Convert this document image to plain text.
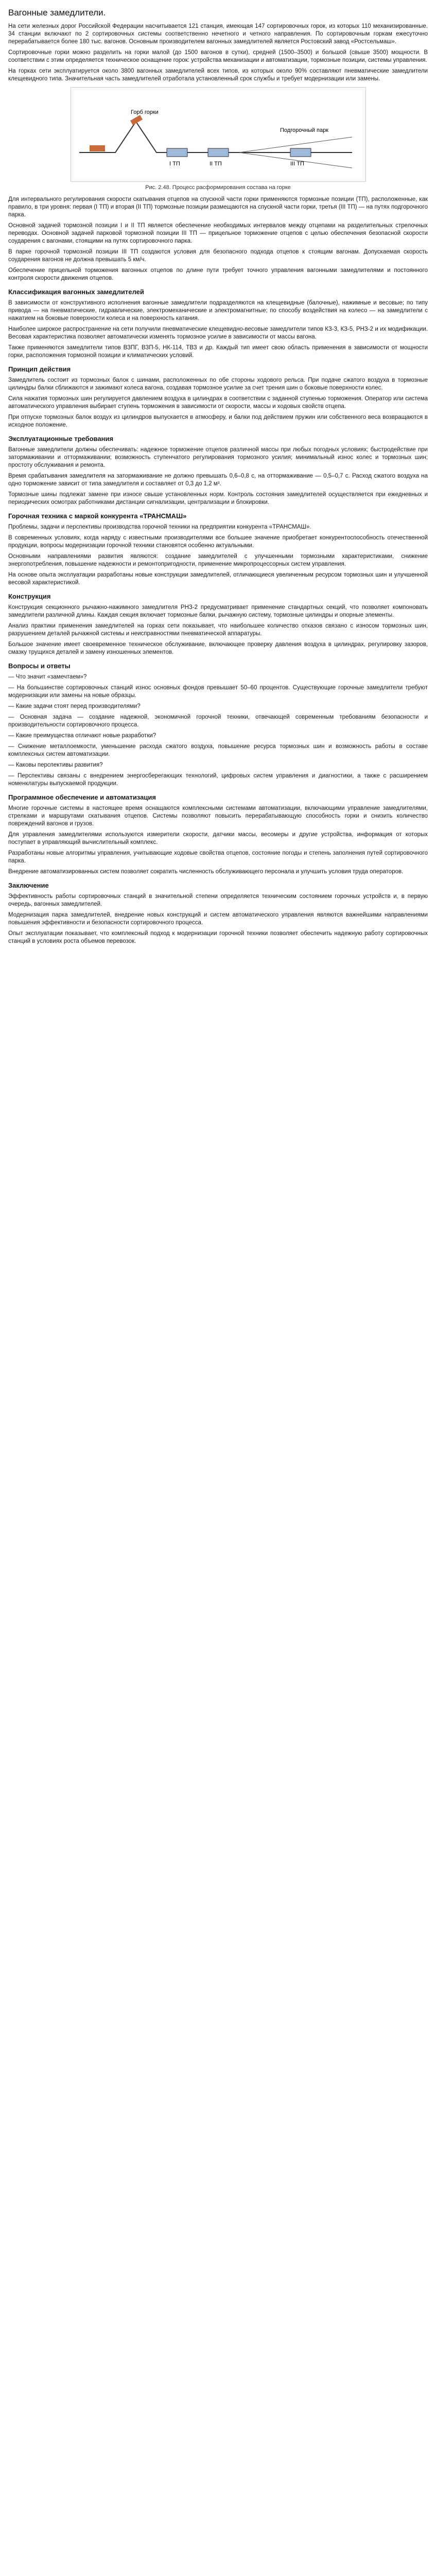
Вагонные замедлители.

На сети железных дорог Российской Федерации насчитывается 121 станция, имеющая 147 сортировочных горок, из которых 110 механизированные. 34 станции включают по 2 сортировочных системы соответственно нечетного и четного направления. По сортировочным горкам ежесуточно перерабатывается более 180 тыс. вагонов. Основным производителем вагонных замедлителей является Ростовский завод «Ростсельмаш».

Сортировочные горки можно разделить на горки малой (до 1500 вагонов в сутки), средней (1500–3500) и большой (свыше 3500) мощности. В соответствии с этим определяется техническое оснащение горок: устройства механизации и автоматизации, тормозные позиции, системы управления.

На горках сети эксплуатируется около 3800 вагонных замедлителей всех типов, из которых около 90% составляют пневматические замедлители клещевидного типа. Значительная часть замедлителей отработала установленный срок службы и требует модернизации или замены.

Горб горки
I ТП	II ТП	III ТП
Подгорочный парк
Рис. 2.48. Процесс расформирования состава на горке

Для интервального регулирования скорости скатывания отцепов на спускной части горки применяются тормозные позиции (ТП), расположенные, как правило, в три уровня: первая (I ТП) и вторая (II ТП) тормозные позиции размещаются на спускной части горки, третья (III ТП) — на путях подгорочного парка.

Основной задачей тормозной позиции I и II ТП является обеспечение необходимых интервалов между отцепами на разделительных стрелочных переводах. Основной задачей парковой тормозной позиции III ТП — прицельное торможение отцепов с целью обеспечения безопасной скорости соударения с вагонами, стоящими на путях сортировочного парка.

В парке горочной тормозной позиции III ТП создаются условия для безопасного подхода отцепов к стоящим вагонам. Допускаемая скорость соударения вагонов не должна превышать 5 км/ч.

Обеспечение прицельной торможения вагонных отцепов по длине пути требует точного управления вагонными замедлителями и постоянного контроля скорости движения отцепов.

Классификация вагонных замедлителей

В зависимости от конструктивного исполнения вагонные замедлители подразделяются на клещевидные (балочные), нажимные и весовые; по типу привода — на пневматические, гидравлические, электромеханические и электромагнитные; по способу воздействия на колесо — на замедлители с нажатием на боковые поверхности колеса и на поверхность катания.

Наиболее широкое распространение на сети получили пневматические клещевидно-весовые замедлители типов КЗ-3, КЗ-5, РНЗ-2 и их модификации. Весовая характеристика позволяет автоматически изменять тормозное усилие в зависимости от массы вагона.

Также применяются замедлители типов ВЗПГ, ВЗП-5, НК-114, ТВЗ и др. Каждый тип имеет свою область применения в зависимости от мощности горки, расположения тормозной позиции и климатических условий.

Принцип действия

Замедлитель состоит из тормозных балок с шинами, расположенных по обе стороны ходового рельса. При подаче сжатого воздуха в тормозные цилиндры балки сближаются и зажимают колеса вагона, создавая тормозное усилие за счет трения шин о боковые поверхности колес.

Сила нажатия тормозных шин регулируется давлением воздуха в цилиндрах в соответствии с заданной ступенью торможения. Оператор или система автоматического управления выбирает ступень торможения в зависимости от скорости, массы и ходовых свойств отцепа.

При отпуске тормозных балок воздух из цилиндров выпускается в атмосферу, и балки под действием пружин или собственного веса возвращаются в исходное положение.

Эксплуатационные требования

Вагонные замедлители должны обеспечивать: надежное торможение отцепов различной массы при любых погодных условиях; быстродействие при затормаживании и оттормаживании; возможность ступенчатого регулирования тормозного усилия; минимальный износ колес и тормозных шин; простоту обслуживания и ремонта.

Время срабатывания замедлителя на затормаживание не должно превышать 0,6–0,8 с, на оттормаживание — 0,5–0,7 с. Расход сжатого воздуха на одно торможение зависит от типа замедлителя и составляет от 0,3 до 1,2 м³.

Тормозные шины подлежат замене при износе свыше установленных норм. Контроль состояния замедлителей осуществляется при ежедневных и периодических осмотрах работниками дистанции сигнализации, централизации и блокировки.

Горочная техника с маркой конкурента «ТРАНСМАШ»

Проблемы, задачи и перспективы производства горочной техники на предприятии конкурента «ТРАНСМАШ».

В современных условиях, когда наряду с известными производителями все большее значение приобретает конкурентоспособность отечественной продукции, вопросы модернизации горочной техники становятся особенно актуальными.

Основными направлениями развития являются: создание замедлителей с улучшенными тормозными характеристиками, снижение энергопотребления, повышение надежности и ремонтопригодности, применение микропроцессорных систем управления.

На основе опыта эксплуатации разработаны новые конструкции замедлителей, отличающиеся увеличенным ресурсом тормозных шин и улучшенной весовой характеристикой.

Конструкция

Конструкция секционного рычажно-нажимного замедлителя РНЗ-2 предусматривает применение стандартных секций, что позволяет компоновать замедлители различной длины. Каждая секция включает тормозные балки, рычажную систему, тормозные цилиндры и опорные элементы.

Анализ практики применения замедлителей на горках сети показывает, что наибольшее количество отказов связано с износом тормозных шин, разрушением деталей рычажной системы и неисправностями пневматической аппаратуры.

Большое значение имеет своевременное техническое обслуживание, включающее проверку давления воздуха в цилиндрах, регулировку зазоров, смазку трущихся деталей и замену изношенных элементов.

Вопросы и ответы

— Что значит «замечтаем»?

— На большинстве сортировочных станций износ основных фондов превышает 50–60 процентов. Существующие горочные замедлители требуют модернизации или замены на новые образцы.

— Какие задачи стоят перед производителями?

— Основная задача — создание надежной, экономичной горочной техники, отвечающей современным требованиям безопасности и производительности сортировочного процесса.

— Какие преимущества отличают новые разработки?

— Снижение металлоемкости, уменьшение расхода сжатого воздуха, повышение ресурса тормозных шин и возможность работы в составе комплексных систем автоматизации.

— Каковы перспективы развития?

— Перспективы связаны с внедрением энергосберегающих технологий, цифровых систем управления и диагностики, а также с расширением номенклатуры выпускаемой продукции.

Программное обеспечение и автоматизация

Многие горочные системы в настоящее время оснащаются комплексными системами автоматизации, включающими управление замедлителями, стрелками и маршрутами скатывания отцепов. Системы позволяют повысить перерабатывающую способность горки и снизить количество повреждений вагонов и грузов.

Для управления замедлителями используются измерители скорости, датчики массы, весомеры и другие устройства, информация от которых поступает в управляющий вычислительный комплекс.

Разработаны новые алгоритмы управления, учитывающие ходовые свойства отцепов, состояние погоды и степень заполнения путей сортировочного парка.

Внедрение автоматизированных систем позволяет сократить численность обслуживающего персонала и улучшить условия труда операторов.

Заключение

Эффективность работы сортировочных станций в значительной степени определяется техническим состоянием горочных устройств и, в первую очередь, вагонных замедлителей.

Модернизация парка замедлителей, внедрение новых конструкций и систем автоматического управления являются важнейшими направлениями повышения эффективности и безопасности сортировочного процесса.

Опыт эксплуатации показывает, что комплексный подход к модернизации горочной техники позволяет обеспечить надежную работу сортировочных станций в условиях роста объемов перевозок.
